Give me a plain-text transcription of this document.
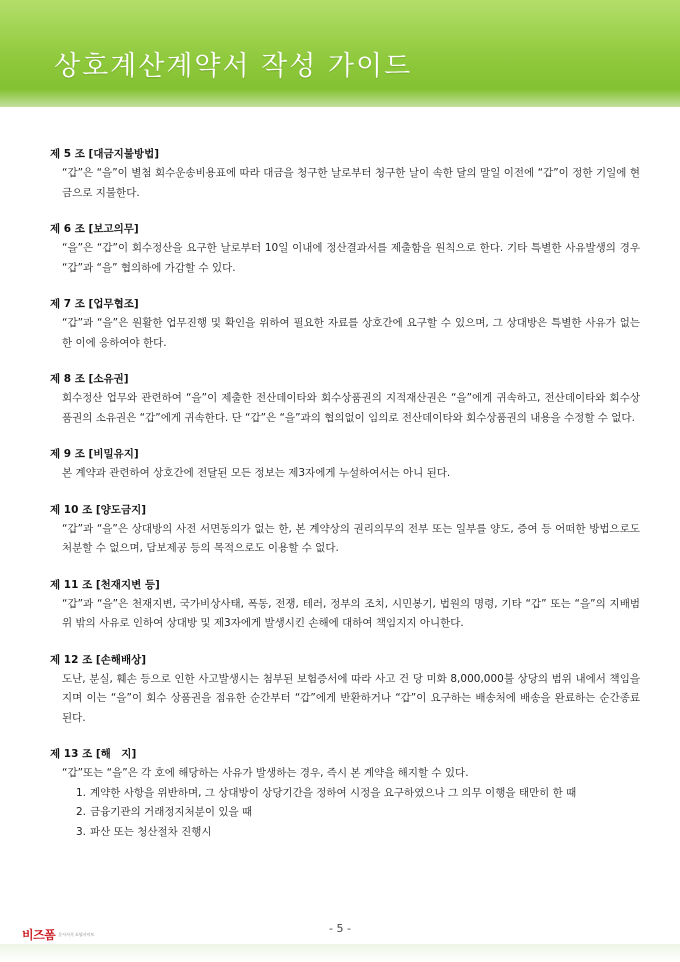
상호계산계약서 작성 가이드
제 5 조 [대금지불방법]

“갑”은 “을”이 별첨 회수운송비용표에 따라 대금을 청구한 날로부터 청구한 날이 속한 달의 말일 이전에 “갑”이 정한 기일에 현금으로 지불한다.

제 6 조 [보고의무]

“을”은 “갑”이 회수정산을 요구한 날로부터 10일 이내에 정산결과서를 제출함을 원칙으로 한다. 기타 특별한 사유발생의 경우 “갑”과 “을” 협의하에 가감할 수 있다.

제 7 조 [업무협조]

“갑”과 “을”은 원활한 업무진행 및 확인을 위하여 필요한 자료를 상호간에 요구할 수 있으며, 그 상대방은 특별한 사유가 없는 한 이에 응하여야 한다.

제 8 조 [소유권]

회수정산 업무와 관련하여 “을”이 제출한 전산데이타와 회수상품권의 지적재산권은 “을”에게 귀속하고, 전산데이타와 회수상품권의 소유권은 “갑”에게 귀속한다. 단 “갑”은 “을”과의 협의없이 임의로 전산데이타와 회수상품권의 내용을 수정할 수 없다.

제 9 조 [비밀유지]

본 계약과 관련하여 상호간에 전달된 모든 정보는 제3자에게 누설하여서는 아니 된다.

제 10 조 [양도금지]

“갑”과 “을”은 상대방의 사전 서면동의가 없는 한, 본 계약상의 권리의무의 전부 또는 일부를 양도, 증여 등 어떠한 방법으로도 처분할 수 없으며, 담보제공 등의 목적으로도 이용할 수 없다.

제 11 조 [천재지변 등]

“갑”과 “을”은 천재지변, 국가비상사태, 폭동, 전쟁, 테러, 정부의 조치, 시민봉기, 법원의 명령, 기타 “갑” 또는 “을”의 지배범위 밖의 사유로 인하여 상대방 및 제3자에게 발생시킨 손해에 대하여 책임지지 아니한다.

제 12 조 [손해배상]

도난, 분실, 훼손 등으로 인한 사고발생시는 첨부된 보험증서에 따라 사고 건 당 미화 8,000,000불 상당의 범위 내에서 책임을 지며 이는 “을”이 회수 상품권을 점유한 순간부터 “갑”에게 반환하거나 “갑”이 요구하는 배송처에 배송을 완료하는 순간종료 된다.

제 13 조 [해　지]

“갑”또는 “을”은 각 호에 해당하는 사유가 발생하는 경우, 즉시 본 계약을 해지할 수 있다.

1. 계약한 사항을 위반하며, 그 상대방이 상당기간을 정하여 시정을 요구하였으나 그 의무 이행을 태만히 한 때
2. 금융기관의 거래정지처분이 있을 때
3. 파산 또는 청산절차 진행시
- 5 -
비즈폼 문서서식 포털사이트
